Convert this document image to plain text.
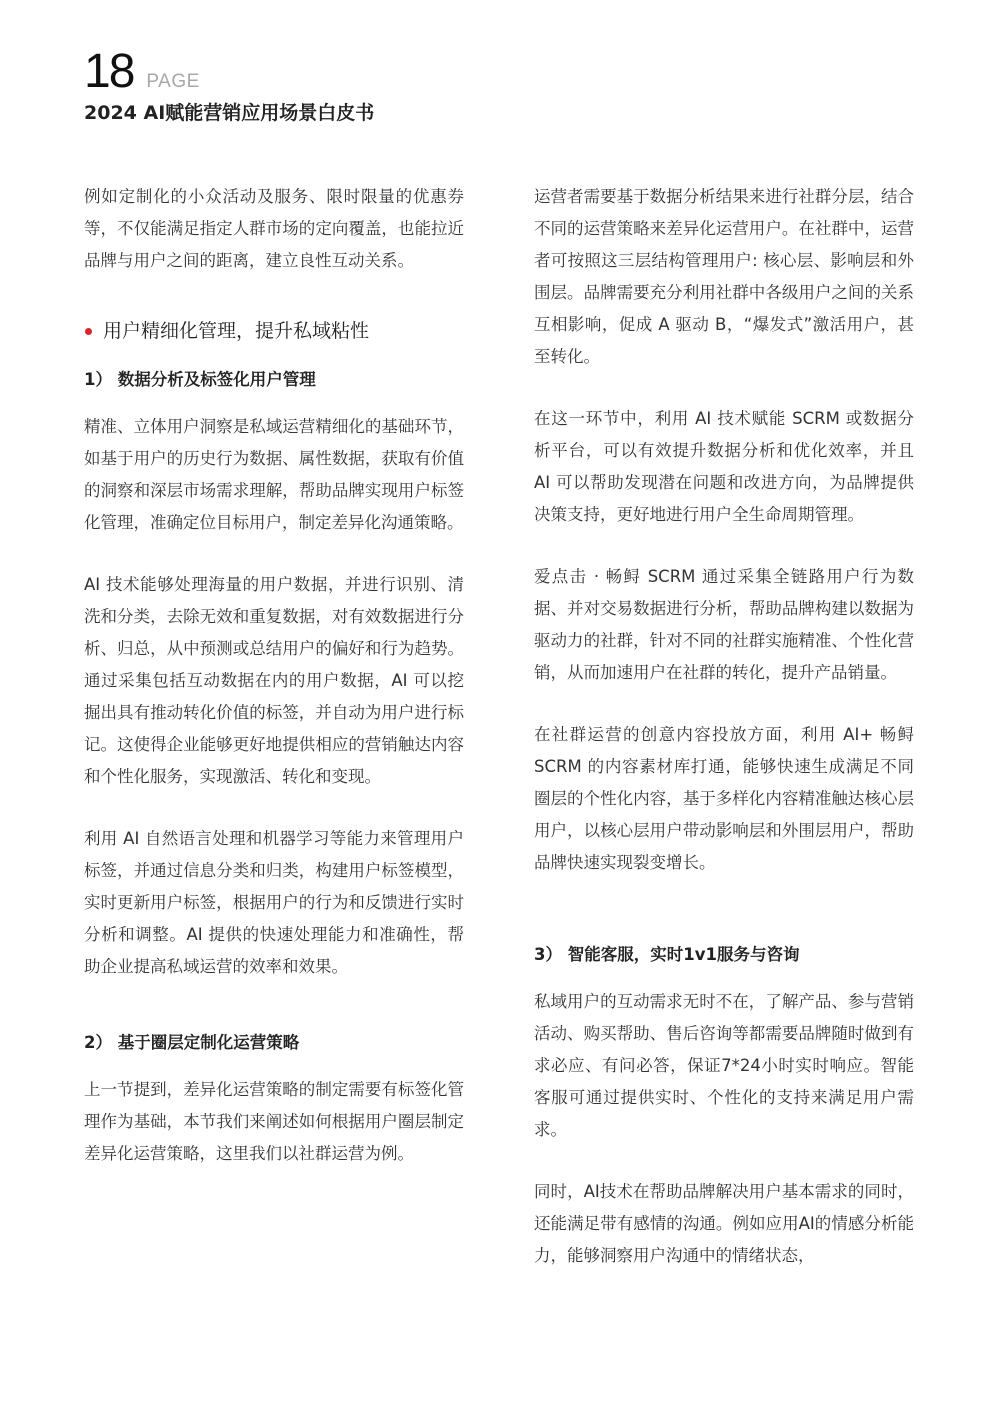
18 PAGE
2024 AI赋能营销应用场景白皮书

例如定制化的小众活动及服务、限时限量的优惠券等，不仅能满足指定人群市场的定向覆盖，也能拉近品牌与用户之间的距离，建立良性互动关系。

用户精细化管理，提升私域粘性
1） 数据分析及标签化用户管理

精准、立体用户洞察是私域运营精细化的基础环节，如基于用户的历史行为数据、属性数据，获取有价值的洞察和深层市场需求理解，帮助品牌实现用户标签化管理，准确定位目标用户，制定差异化沟通策略。

AI 技术能够处理海量的用户数据，并进行识别、清洗和分类，去除无效和重复数据，对有效数据进行分析、归总，从中预测或总结用户的偏好和行为趋势。通过采集包括互动数据在内的用户数据，AI 可以挖掘出具有推动转化价值的标签，并自动为用户进行标记。这使得企业能够更好地提供相应的营销触达内容和个性化服务，实现激活、转化和变现。

利用 AI 自然语言处理和机器学习等能力来管理用户标签，并通过信息分类和归类，构建用户标签模型，实时更新用户标签，根据用户的行为和反馈进行实时分析和调整。AI 提供的快速处理能力和准确性，帮助企业提高私域运营的效率和效果。

2） 基于圈层定制化运营策略

上一节提到，差异化运营策略的制定需要有标签化管理作为基础，本节我们来阐述如何根据用户圈层制定差异化运营策略，这里我们以社群运营为例。

运营者需要基于数据分析结果来进行社群分层，结合不同的运营策略来差异化运营用户。在社群中，运营者可按照这三层结构管理用户: 核心层、影响层和外围层。品牌需要充分利用社群中各级用户之间的关系互相影响，促成 A 驱动 B，“爆发式”激活用户，甚至转化。

在这一环节中，利用 AI 技术赋能 SCRM 或数据分析平台，可以有效提升数据分析和优化效率，并且 AI 可以帮助发现潜在问题和改进方向，为品牌提供决策支持，更好地进行用户全生命周期管理。

爱点击 · 畅鲟 SCRM 通过采集全链路用户行为数据、并对交易数据进行分析，帮助品牌构建以数据为驱动力的社群，针对不同的社群实施精准、个性化营销，从而加速用户在社群的转化，提升产品销量。

在社群运营的创意内容投放方面，利用 AI+ 畅鲟 SCRM 的内容素材库打通，能够快速生成满足不同圈层的个性化内容，基于多样化内容精准触达核心层用户，以核心层用户带动影响层和外围层用户，帮助品牌快速实现裂变增长。

3） 智能客服，实时1v1服务与咨询

私域用户的互动需求无时不在，了解产品、参与营销活动、购买帮助、售后咨询等都需要品牌随时做到有求必应、有问必答，保证7*24小时实时响应。智能客服可通过提供实时、个性化的支持来满足用户需求。

同时，AI技术在帮助品牌解决用户基本需求的同时，还能满足带有感情的沟通。例如应用AI的情感分析能力，能够洞察用户沟通中的情绪状态，
